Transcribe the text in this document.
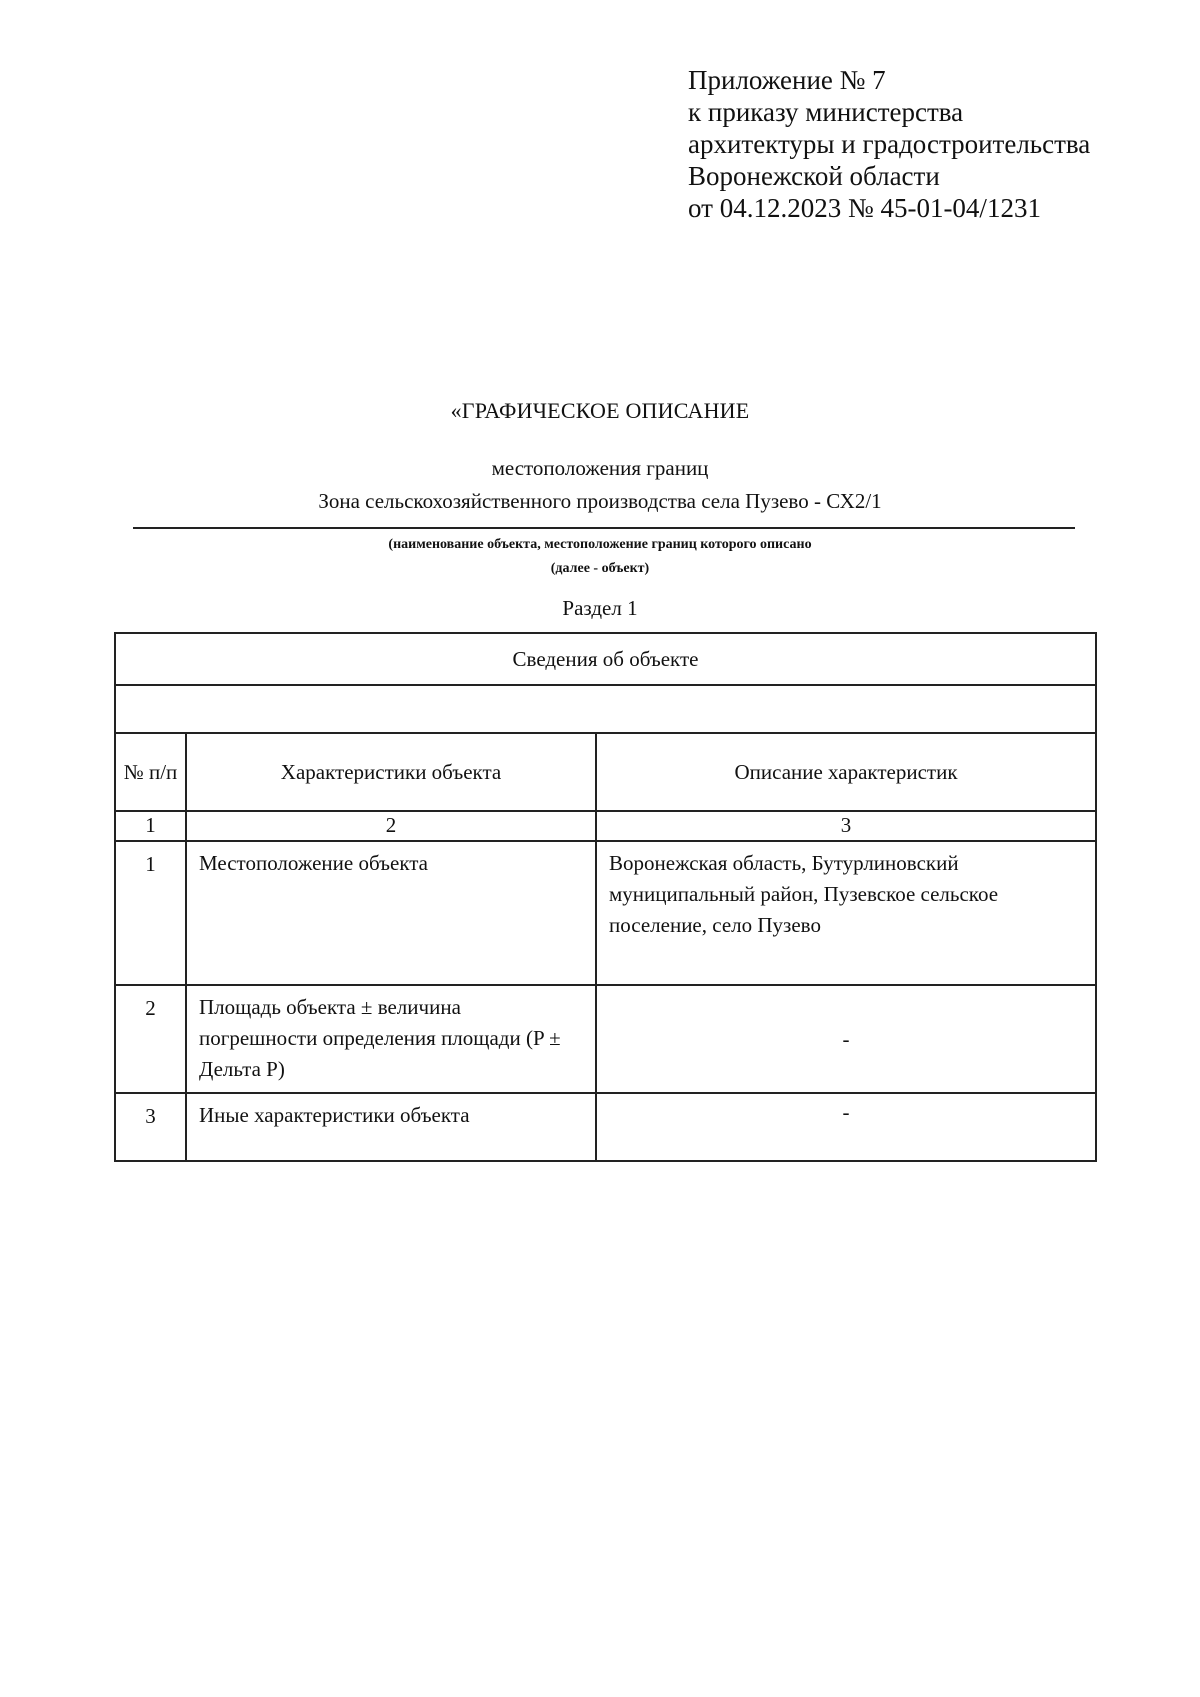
Приложение № 7
к приказу министерства
архитектуры и градостроительства
Воронежской области
от 04.12.2023 № 45-01-04/1231
«ГРАФИЧЕСКОЕ ОПИСАНИЕ
местоположения границ
Зона сельскохозяйственного производства села Пузево - СХ2/1
(наименование объекта, местоположение границ которого описано
(далее - объект)
Раздел 1
Сведения об объекте		

№ п/п	Характеристики объекта	Описание характеристик
1	2	3
1	Местоположение объекта	Воронежская область, Бутурлиновский муниципальный район, Пузевское сельское поселение, село Пузево
2	Площадь объекта ± величина погрешности определения площади (P ± Дельта P)	-
3	Иные характеристики объекта	-
